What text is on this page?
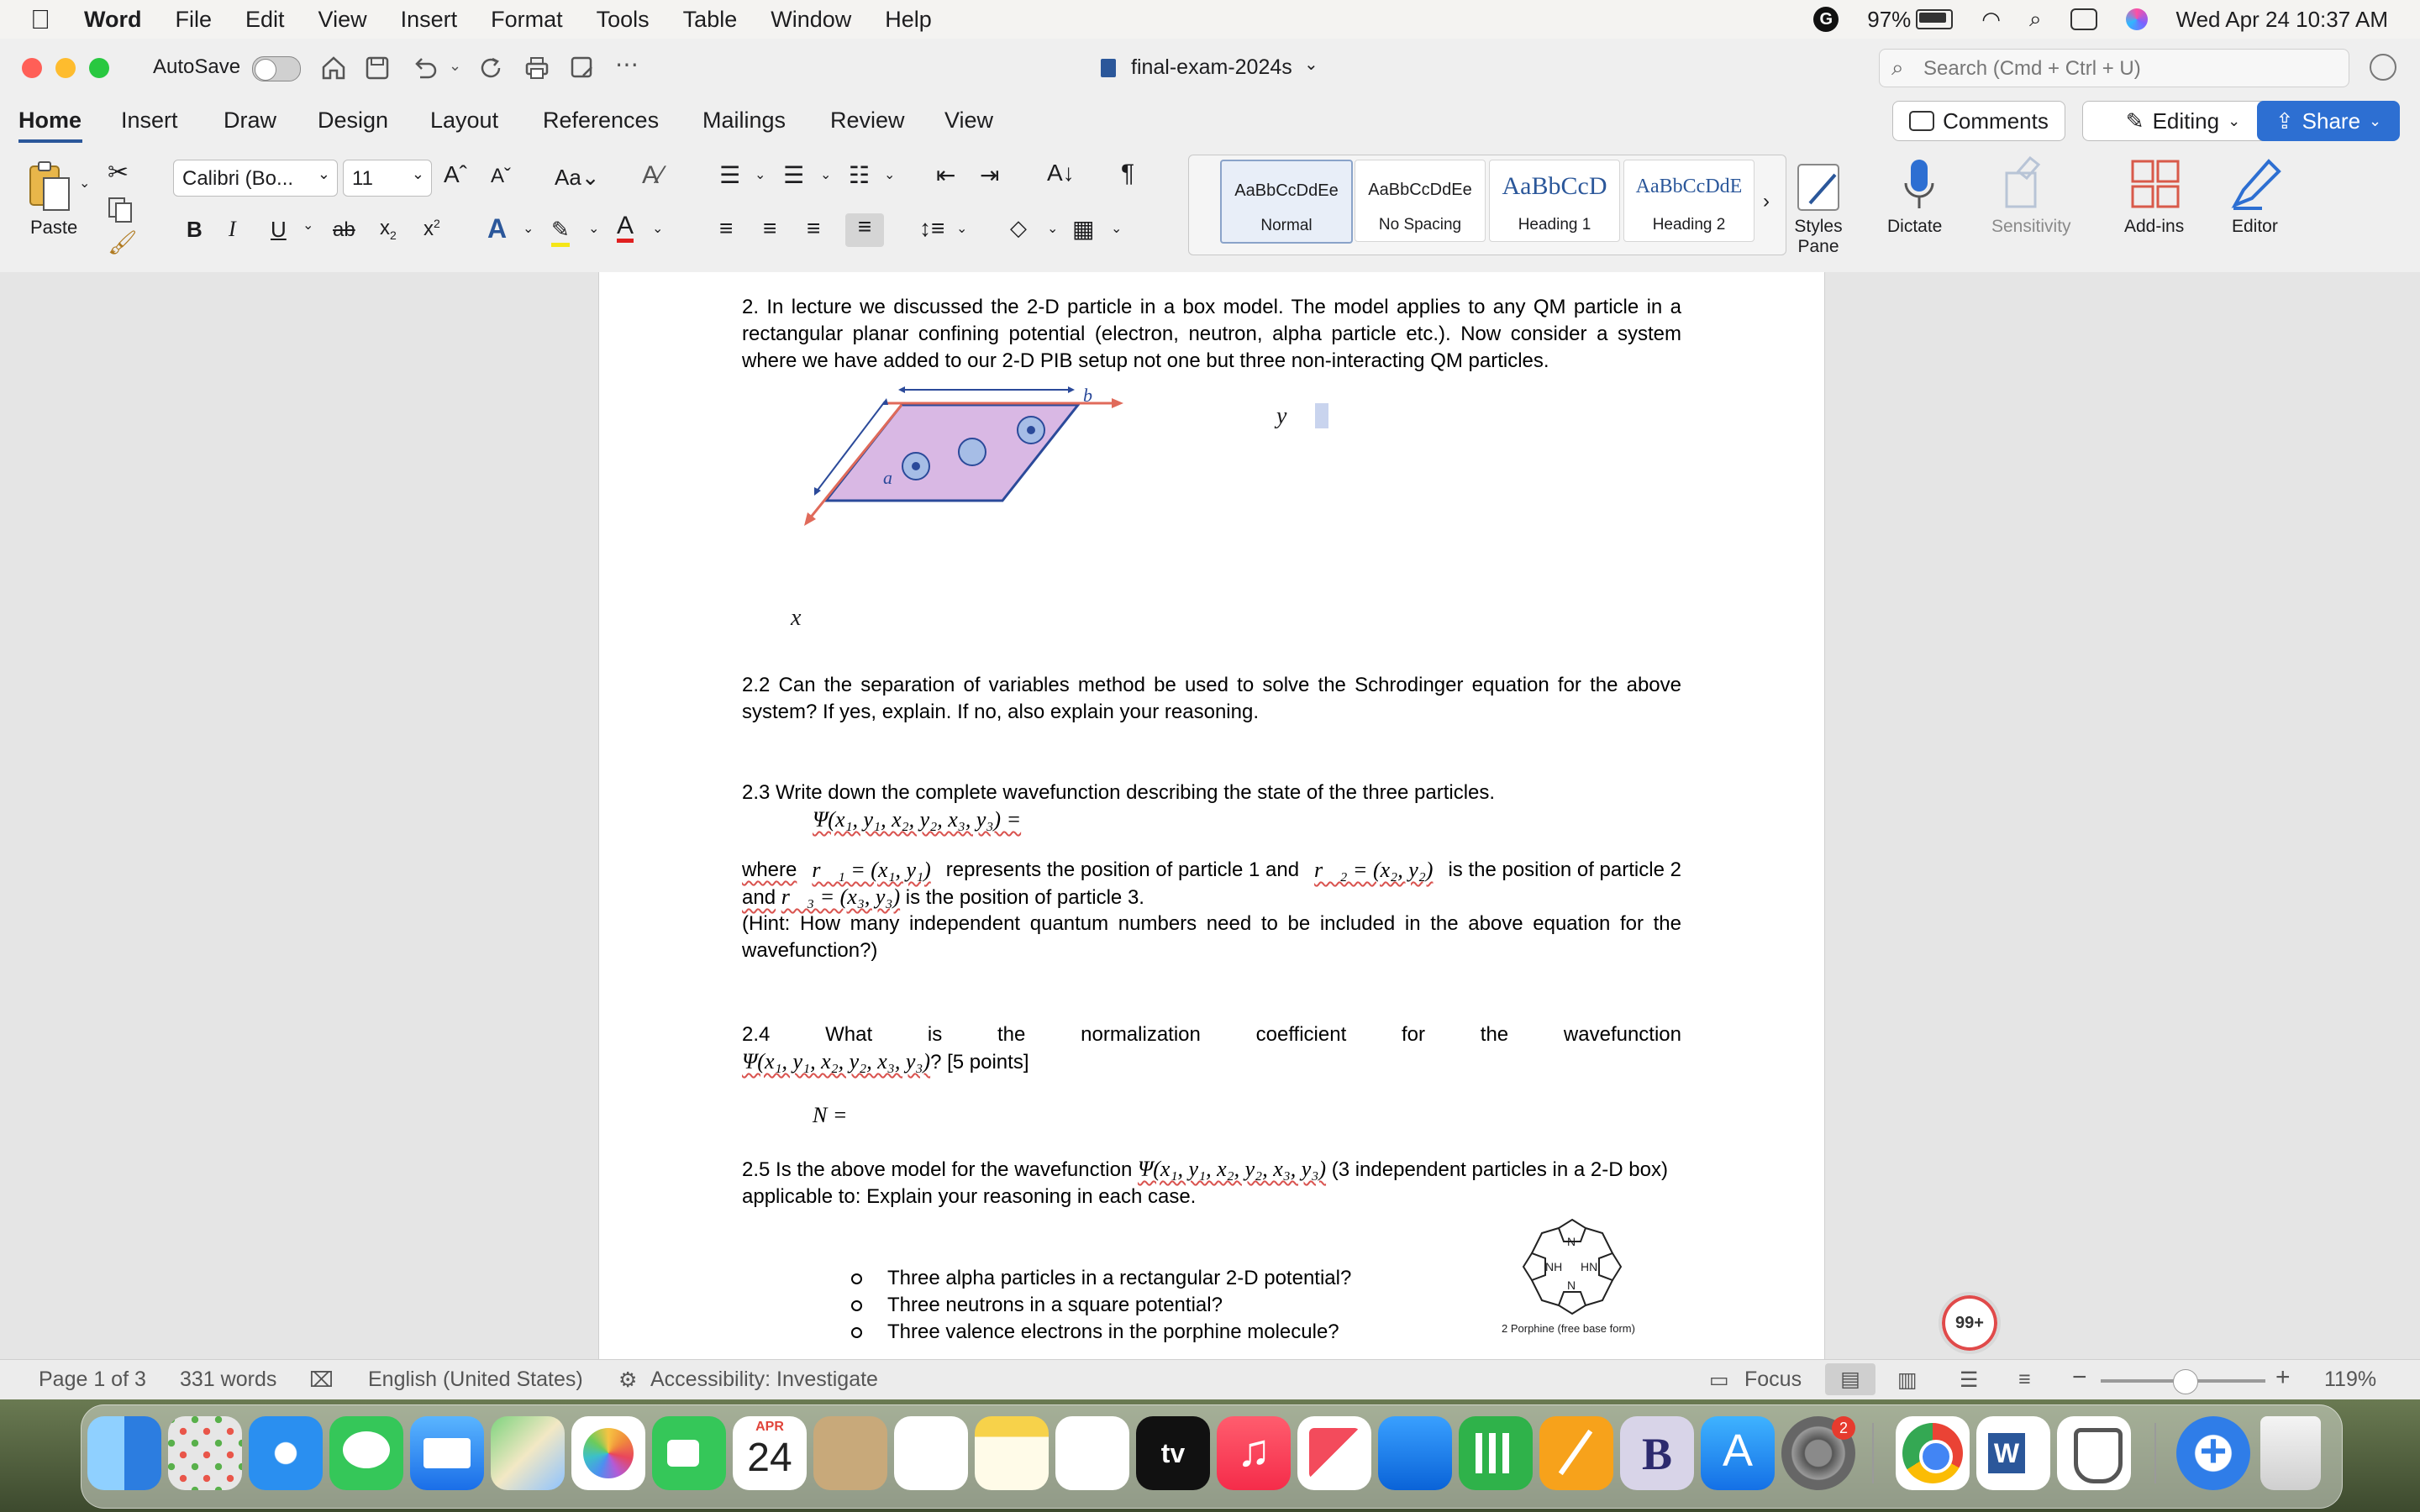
Word File Edit View Insert Format Tools Table Window Help	G 97%	◠ ⌕	Wed Apr 24 10:37 AM
AutoSave	⌄	⋯	final-exam-2024s ⌄	⌕ Search (Cmd + Ctrl + U)
Home Insert Draw Design Layout References Mailings Review View	Comments	✎ Editing ⌄ ⇪ Share ⌄
⌄
Paste
✂
🖌
Calibri (Bo... ⌄ 11	⌄ Aˆ Aˇ Aa⌄ A∕
B I U ⌄ ab $x_2$ $x^2$ A ⌄ ✎ ⌄ A ⌄
☰ ⌄ ☰ ⌄ ☷ ⌄ ⇤ ⇥ A↓ ¶
≡ ≡ ≡	≡	↕≡ ⌄ ◇ ⌄ ▦ ⌄
AaBbCcDdEe
Normal
AaBbCcDdEe
No Spacing
AaBbCcD
Heading 1
AaBbCcDdE
Heading 2
›
Styles
Pane
Dictate	Sensitivity	Add-ins	Editor
2. In lecture we discussed the 2-D particle in a box model. The model applies to any QM particle in a rectangular planar confining potential (electron, neutron, alpha particle etc.). Now consider a system where we have added to our 2-D PIB setup not one but three non-interacting QM particles.
b
y
a
x
2.2 Can the separation of variables method be used to solve the Schrodinger equation for the above system? If yes, explain. If no, also explain your reasoning.
2.3 Write down the complete wavefunction describing the state of the three particles.
Ψ(x₁, y₁, x₂, y₂, x₃, y₃) =
where r⃗₁ = (x₁, y₁) represents the position of particle 1 and r⃗₂ = (x₂, y₂) is the position of particle 2
and r⃗₃ = (x₃, y₃) is the position of particle 3.
(Hint: How many independent quantum numbers need to be included in the above equation for the wavefunction?)
2.4 What is the normalization coefficient for the wavefunction
Ψ(x₁, y₁, x₂, y₂, x₃, y₃)? [5 points]
N =
2.5 Is the above model for the wavefunction Ψ(x₁, y₁, x₂, y₂, x₃, y₃) (3 independent particles in a 2-D box) applicable to: Explain your reasoning in each case.
Three alpha particles in a rectangular 2-D potential?
Three neutrons in a square potential?
Three valence electrons in the porphine molecule?
NH HN
N
N
2 Porphine (free base form)	99+
Page 1 of 3 331 words ⌧ English (United States) ⚙ Accessibility: Investigate	▭ Focus	▤	▥ ☰ ≡ −	+ 119%
APR
24	tv	♫	B	A	2
W	+
